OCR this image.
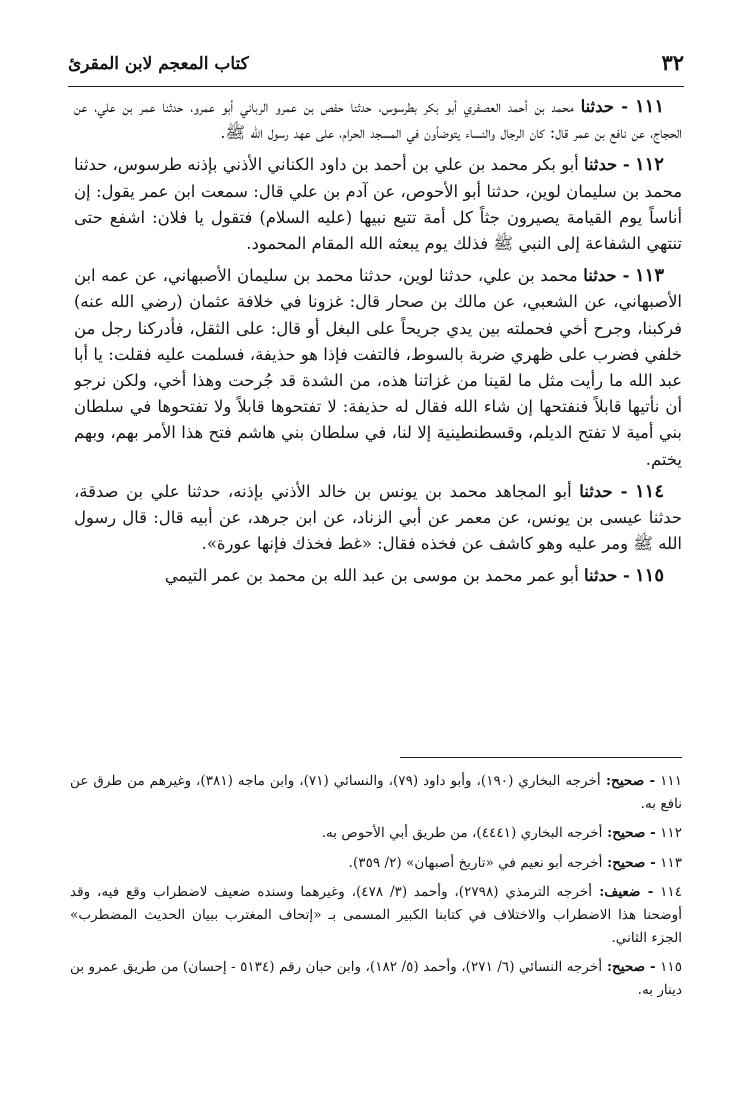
٣٢
كتاب المعجم لابن المقرئ

١١١ - حدثنا محمد بن أحمد العصفري أبو بكر بطرسوس، حدثنا حفص بن عمرو الرباني أبو عمرو، حدثنا عمر بن علي، عن الحجاج، عن نافع بن عمر قال: كان الرجال والنساء يتوضأون في المسجد الحرام، على عهد رسول الله ﷺ.

١١٢ - حدثنا أبو بكر محمد بن علي بن أحمد بن داود الكناني الأذني بإذنه طرسوس، حدثنا محمد بن سليمان لوين، حدثنا أبو الأحوص، عن آدم بن علي قال: سمعت ابن عمر يقول: إن أناساً يوم القيامة يصيرون جثاً كل أمة تتبع نبيها (عليه السلام) فتقول يا فلان: اشفع حتى تنتهي الشفاعة إلى النبي ﷺ فذلك يوم يبعثه الله المقام المحمود.

١١٣ - حدثنا محمد بن علي، حدثنا لوين، حدثنا محمد بن سليمان الأصبهاني، عن عمه ابن الأصبهاني، عن الشعبي، عن مالك بن صحار قال: غزونا في خلافة عثمان (رضي الله عنه) فركبنا، وجرح أخي فحملته بين يدي جريحاً على البغل أو قال: على الثقل، فأدركنا رجل من خلفي فضرب على ظهري ضربة بالسوط، فالتفت فإذا هو حذيفة، فسلمت عليه فقلت: يا أبا عبد الله ما رأيت مثل ما لقينا من غزاتنا هذه، من الشدة قد جُرحت وهذا أخي، ولكن نرجو أن نأتيها قابلاً فنفتحها إن شاء الله فقال له حذيفة: لا تفتحوها قابلاً ولا تفتحوها في سلطان بني أمية لا تفتح الديلم، وقسطنطينية إلا لنا، في سلطان بني هاشم فتح هذا الأمر بهم، وبهم يختم.

١١٤ - حدثنا أبو المجاهد محمد بن يونس بن خالد الأذني بإذنه، حدثنا علي بن صدقة، حدثنا عيسى بن يونس، عن معمر عن أبي الزناد، عن ابن جرهد، عن أبيه قال: قال رسول الله ﷺ ومر عليه وهو كاشف عن فخذه فقال: «غط فخذك فإنها عورة».

١١٥ - حدثنا أبو عمر محمد بن موسى بن عبد الله بن محمد بن عمر التيمي

١١١ - صحيح: أخرجه البخاري (١٩٠)، وأبو داود (٧٩)، والنسائي (٧١)، وابن ماجه (٣٨١)، وغيرهم من طرق عن نافع به.

١١٢ - صحيح: أخرجه البخاري (٤٤٤١)، من طريق أبي الأحوص به.

١١٣ - صحيح: أخرجه أبو نعيم في «تاريخ أصبهان» (٢/ ٣٥٩).

١١٤ - ضعيف: أخرجه الترمذي (٢٧٩٨)، وأحمد (٣/ ٤٧٨)، وغيرهما وسنده ضعيف لاضطراب وقع فيه، وقد أوضحنا هذا الاضطراب والاختلاف في كتابنا الكبير المسمى بـ «إتحاف المغترب ببيان الحديث المضطرب» الجزء الثاني.

١١٥ - صحيح: أخرجه النسائي (٦/ ٢٧١)، وأحمد (٥/ ١٨٢)، وابن حبان رقم (٥١٣٤ - إحسان) من طريق عمرو بن دينار به.
